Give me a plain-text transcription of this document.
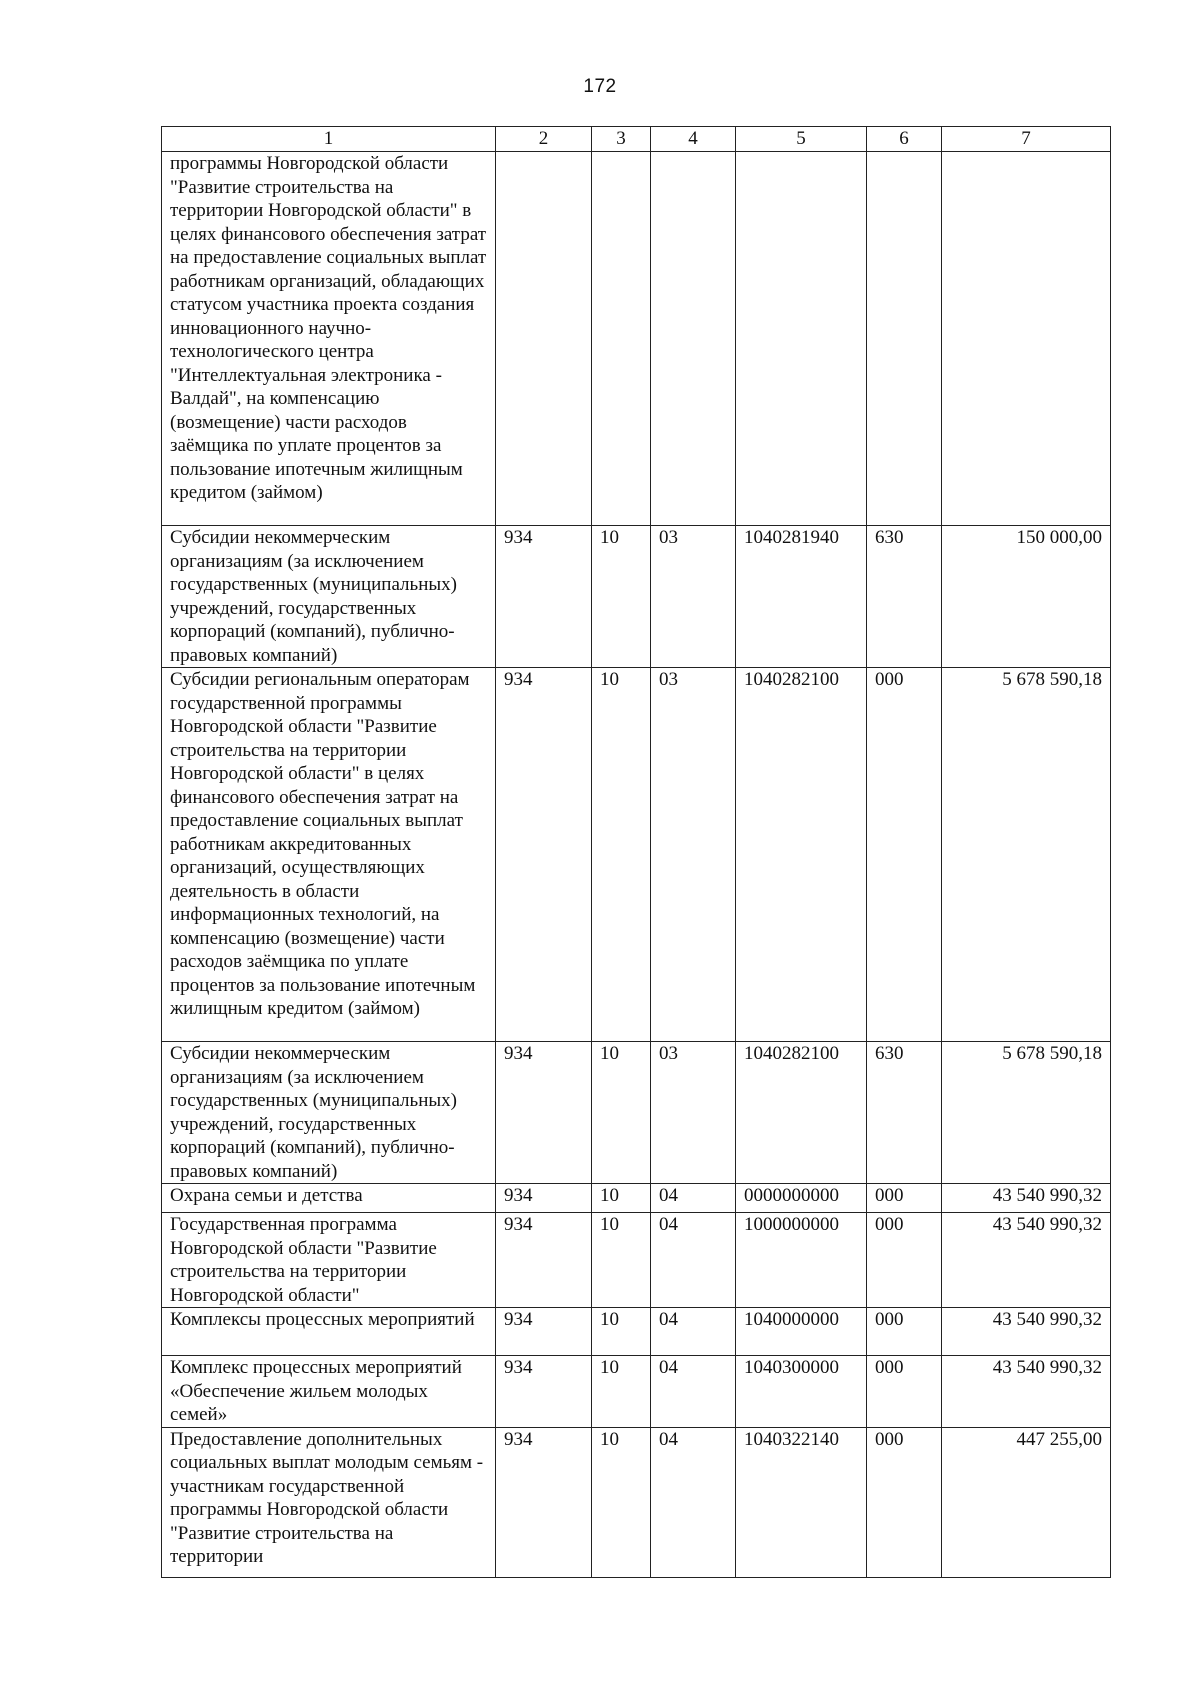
172
1	2	3	4	5	6	7
программы Новгородской области "Развитие строительства на территории Новгородской области" в целях финансового обеспечения затрат на предоставление социальных выплат работникам организаций, обладающих статусом участника проекта создания инновационного научно-технологического центра "Интеллектуальная электроника - Валдай", на компенсацию (возмещение) части расходов заёмщика по уплате процентов за пользование ипотечным жилищным кредитом (займом)						
Субсидии некоммерческим организациям (за исключением государственных (муниципальных) учреждений, государственных корпораций (компаний), публично-правовых компаний)	934	10	03	1040281940	630	150 000,00
Субсидии региональным операторам государственной программы Новгородской области "Развитие строительства на территории Новгородской области" в целях финансового обеспечения затрат на предоставление социальных выплат работникам аккредитованных организаций, осуществляющих деятельность в области информационных технологий, на компенсацию (возмещение) части расходов заёмщика по уплате процентов за пользование ипотечным жилищным кредитом (займом)	934	10	03	1040282100	000	5 678 590,18
Субсидии некоммерческим организациям (за исключением государственных (муниципальных) учреждений, государственных корпораций (компаний), публично-правовых компаний)	934	10	03	1040282100	630	5 678 590,18
Охрана семьи и детства	934	10	04	0000000000	000	43 540 990,32
Государственная программа Новгородской области "Развитие строительства на территории Новгородской области"	934	10	04	1000000000	000	43 540 990,32
Комплексы процессных мероприятий	934	10	04	1040000000	000	43 540 990,32
Комплекс процессных мероприятий «Обеспечение жильем молодых семей»	934	10	04	1040300000	000	43 540 990,32
Предоставление дополнительных социальных выплат молодым семьям - участникам государственной программы Новгородской области "Развитие строительства на территории	934	10	04	1040322140	000	447 255,00
